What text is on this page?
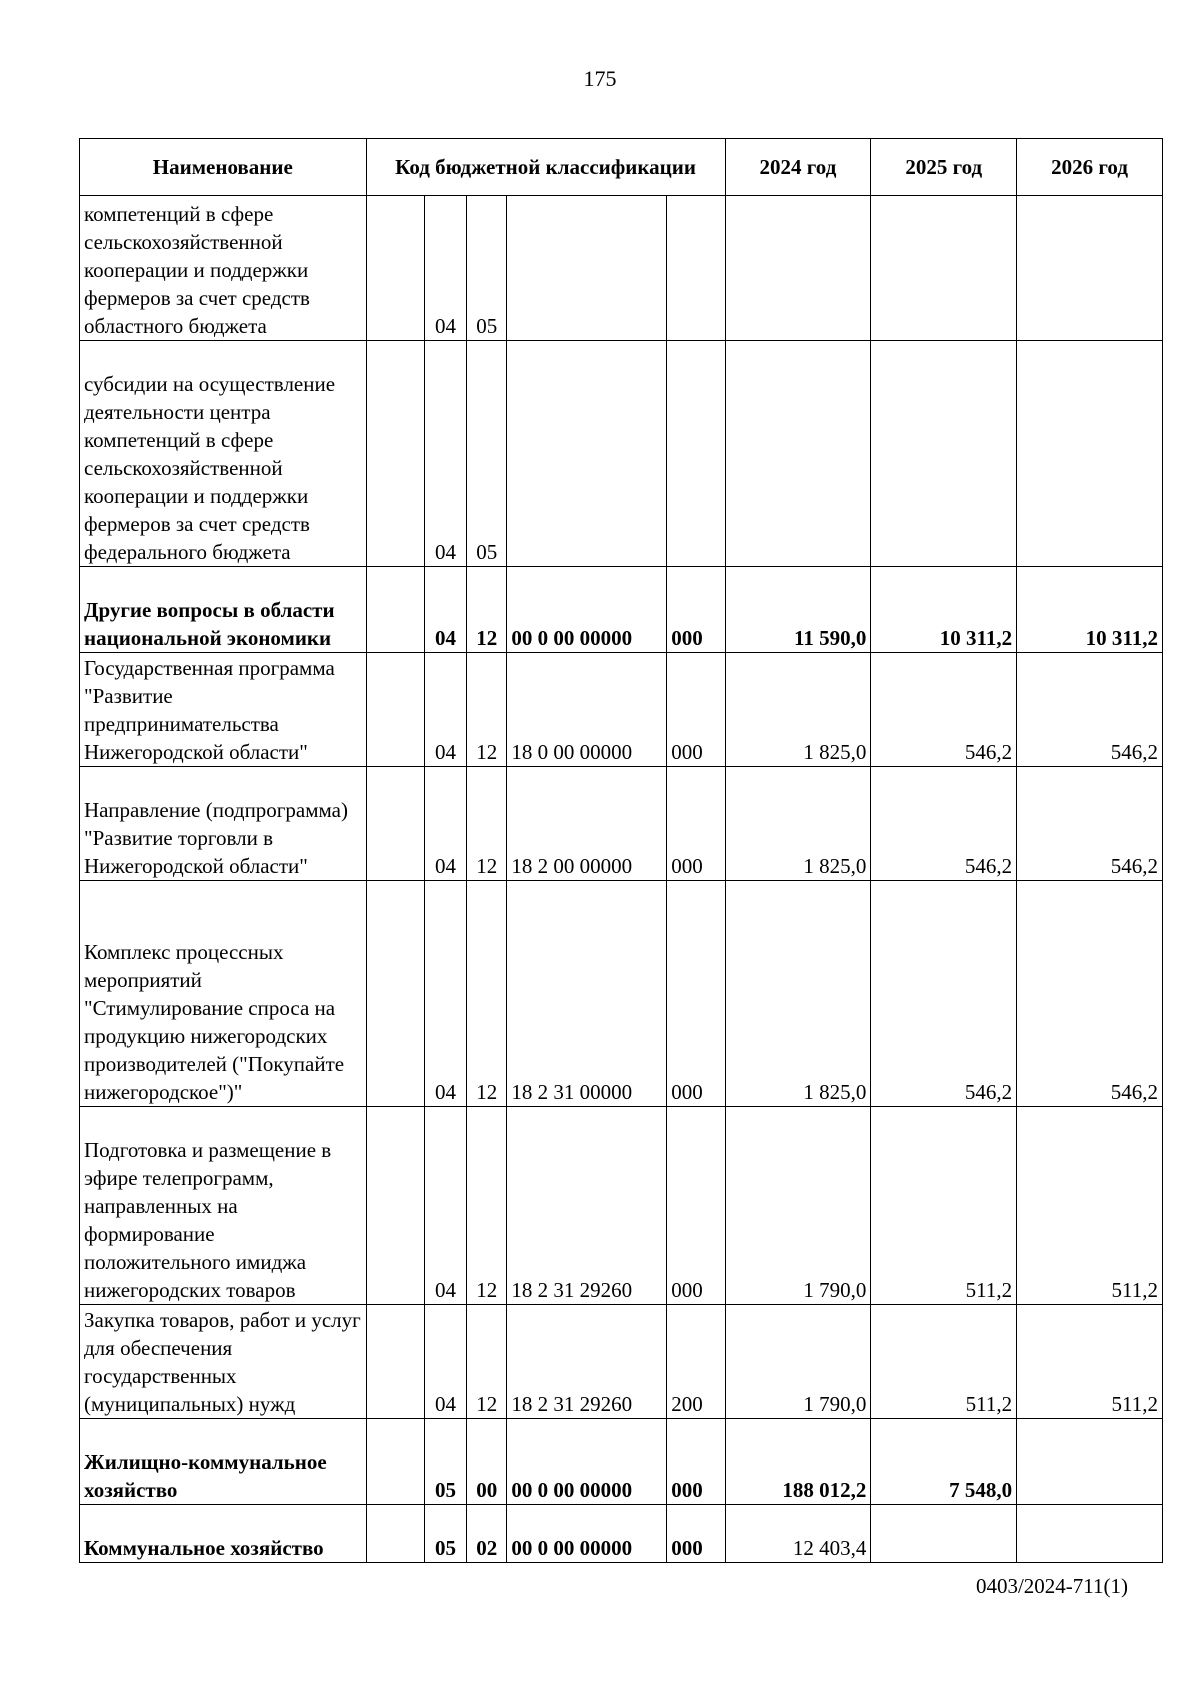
175
Наименование	Код бюджетной классификации					2024 год	2025 год	2026 год
компетенций в сфере сельскохозяйственной кооперации и поддержки фермеров за счет средств областного бюджета		04	05					
субсидии на осуществление деятельности центра компетенций в сфере сельскохозяйственной кооперации и поддержки фермеров за счет средств федерального бюджета		04	05					
Другие вопросы в области национальной экономики		04	12	00 0 00 00000	000	11 590,0	10 311,2	10 311,2
Государственная программа "Развитие предпринимательства Нижегородской области"		04	12	18 0 00 00000	000	1 825,0	546,2	546,2
Направление (подпрограмма) "Развитие торговли в Нижегородской области"		04	12	18 2 00 00000	000	1 825,0	546,2	546,2
Комплекс процессных мероприятий "Стимулирование спроса на продукцию нижегородских производителей ("Покупайте нижегородское")"		04	12	18 2 31 00000	000	1 825,0	546,2	546,2
Подготовка и размещение в эфире телепрограмм, направленных на формирование положительного имиджа нижегородских товаров		04	12	18 2 31 29260	000	1 790,0	511,2	511,2
Закупка товаров, работ и услуг для обеспечения государственных (муниципальных) нужд		04	12	18 2 31 29260	200	1 790,0	511,2	511,2
Жилищно-коммунальное хозяйство		05	00	00 0 00 00000	000	188 012,2	7 548,0	
Коммунальное хозяйство		05	02	00 0 00 00000	000	12 403,4		
0403/2024-711(1)
